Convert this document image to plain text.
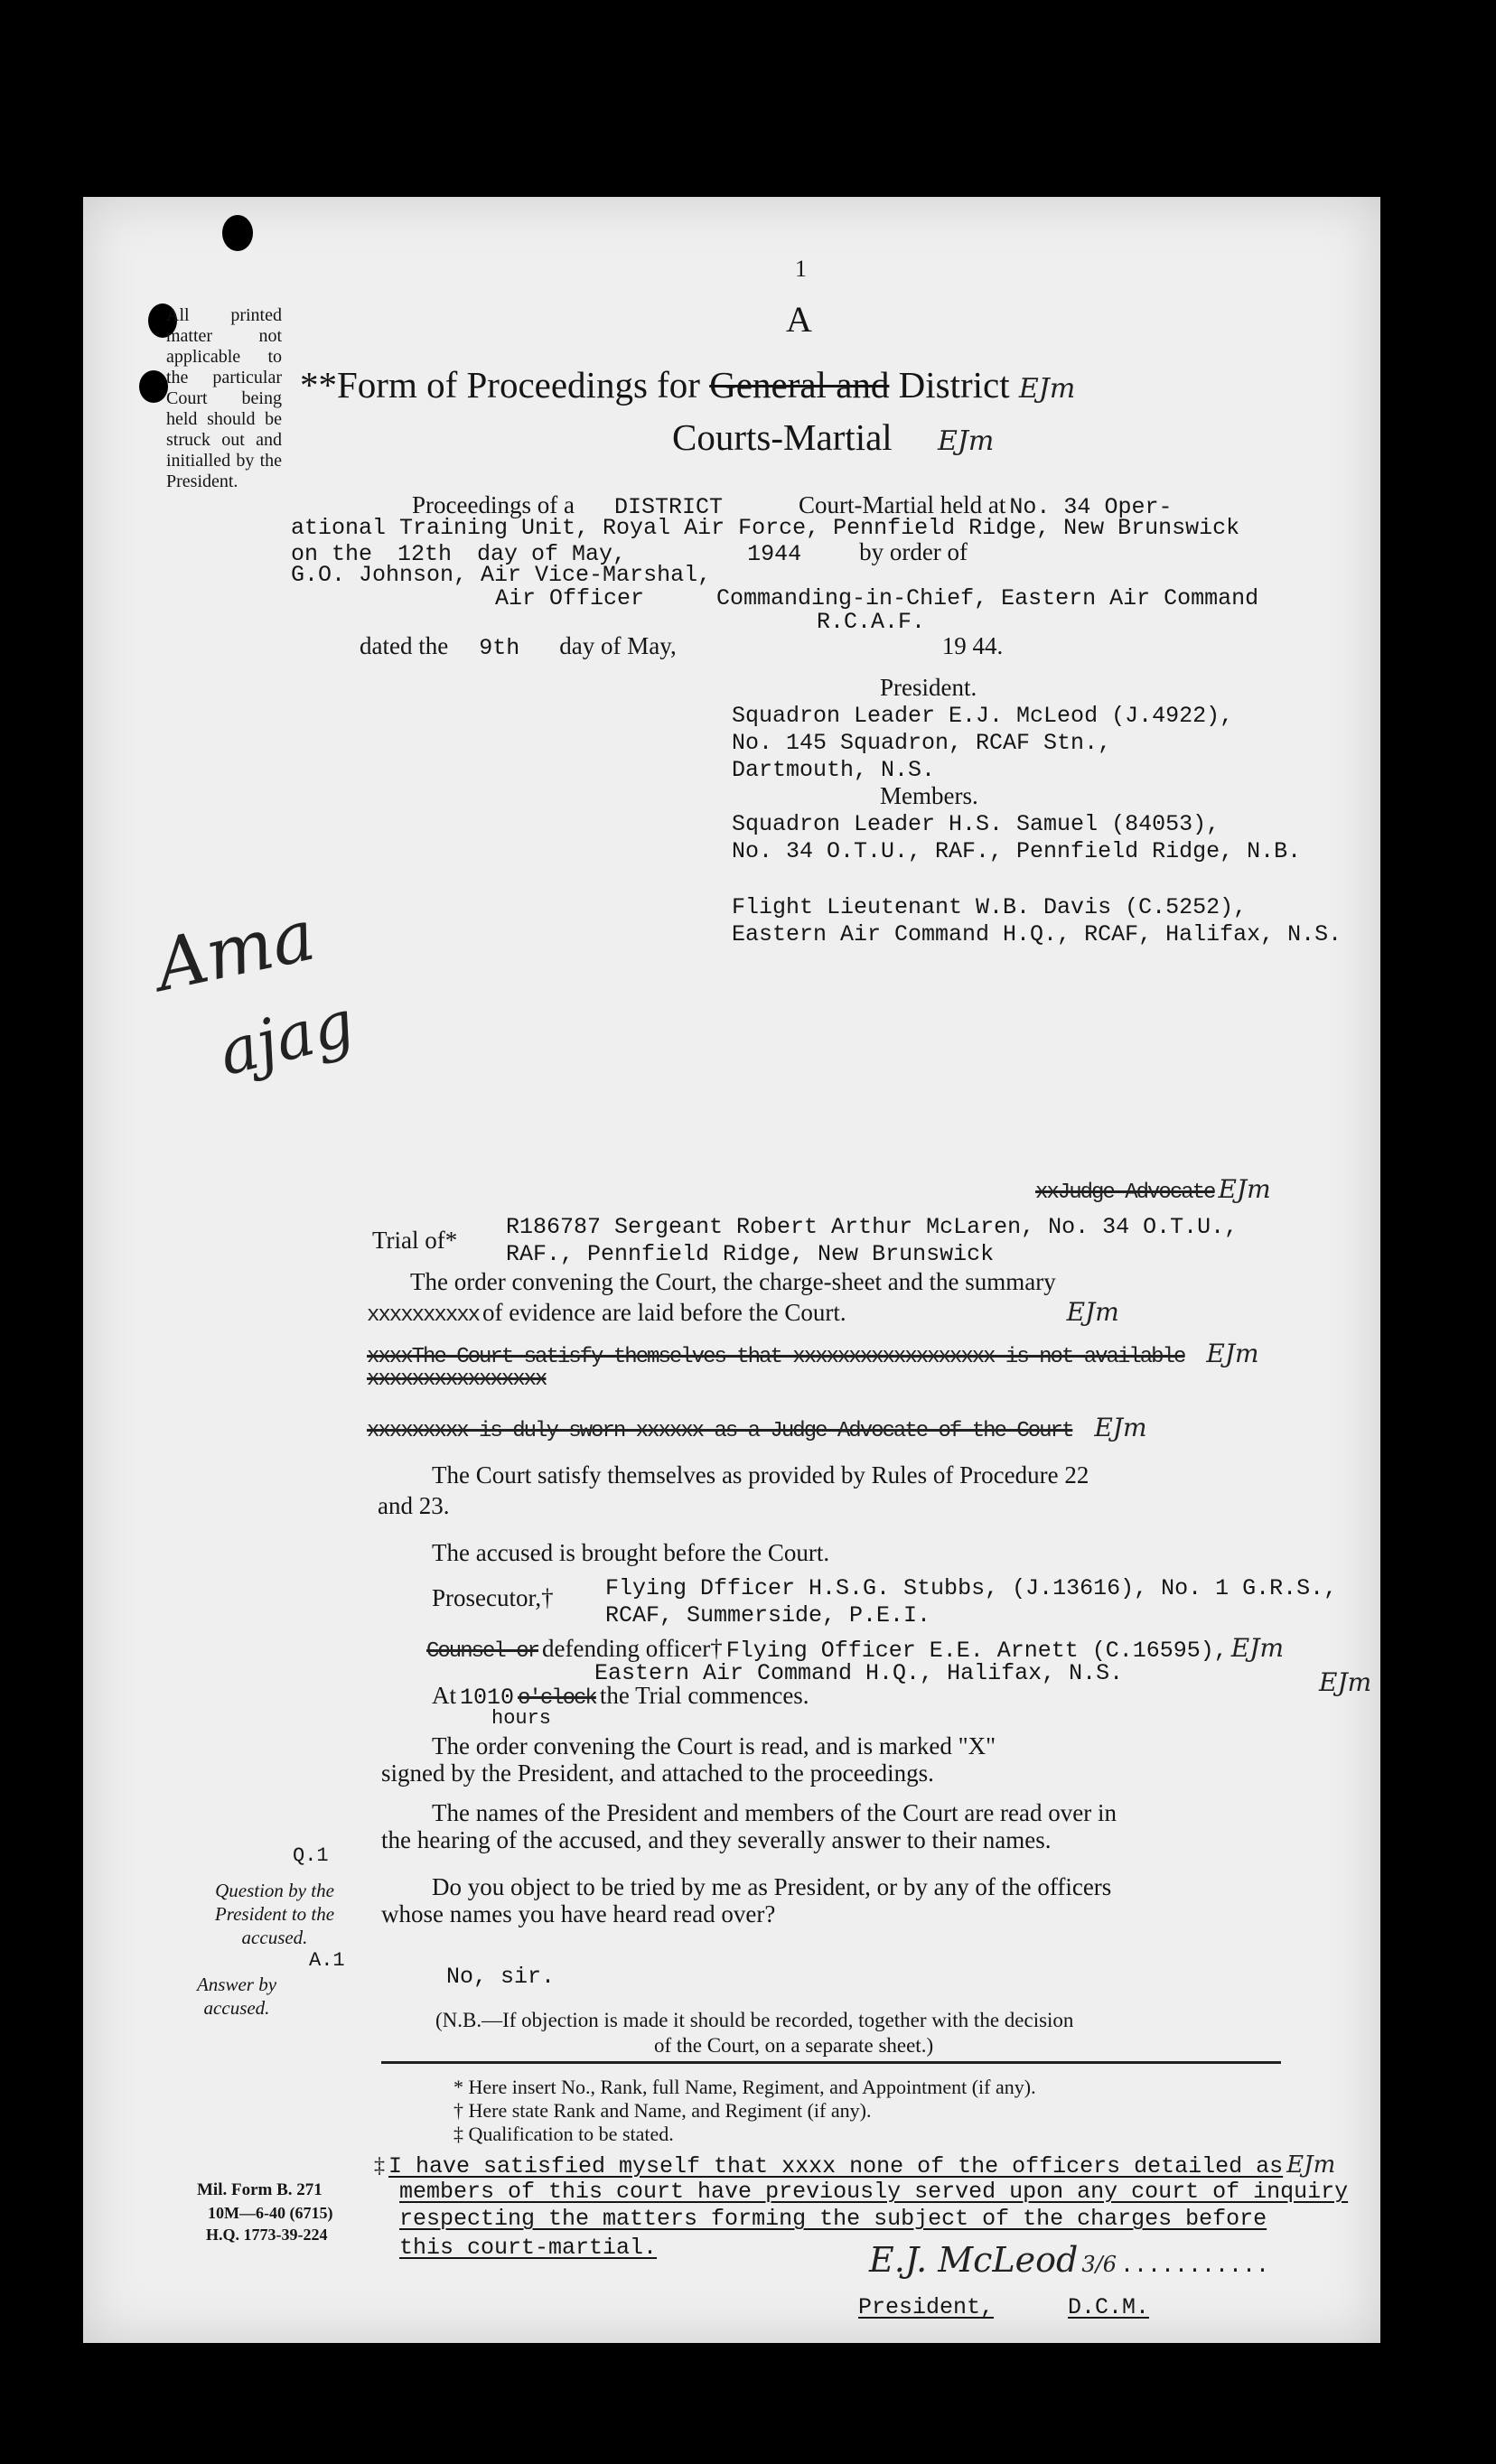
1
A
All printed matter not applicable to the particular Court being held should be struck out and initialled by the President.
**Form of Proceedings for General and District EJm
Courts-Martial EJm
Proceedings of a DISTRICT	Court-Martial held at No. 34 Oper-
ational Training Unit, Royal Air Force, Pennfield Ridge, New Brunswick
on the 12th day of May,	1944 by order of
G.O. Johnson, Air Vice-Marshal,
Air Officer	Commanding-in-Chief, Eastern Air Command
R.C.A.F.
dated the 9th day of May,	19 44.
President.
Squadron Leader E.J. McLeod (J.4922),
No. 145 Squadron, RCAF Stn.,
Dartmouth, N.S.
Members.
Squadron Leader H.S. Samuel (84053),
No. 34 O.T.U., RAF., Pennfield Ridge, N.B.
Flight Lieutenant W.B. Davis (C.5252),
Eastern Air Command H.Q., RCAF, Halifax, N.S.
Ama
ajag
xxJudge Advocate EJm
Trial of* R186787 Sergeant Robert Arthur McLaren, No. 34 O.T.U.,
RAF., Pennfield Ridge, New Brunswick
The order convening the Court, the charge-sheet and the summary
xxxxxxxxxx of evidence are laid before the Court.	EJm
xxxxThe Court satisfy themselves that xxxxxxxxxxxxxxxxxx is not available EJm
xxxxxxxxxxxxxxxx
xxxxxxxxx is duly sworn xxxxxx as a Judge Advocate of the Court EJm
The Court satisfy themselves as provided by Rules of Procedure 22
and 23.
The accused is brought before the Court.
Prosecutor,† Flying Dfficer H.S.G. Stubbs, (J.13616), No. 1 G.R.S.,
RCAF, Summerside, P.E.I.
Counsel or defending officer† Flying Officer E.E. Arnett (C.16595), EJm
Eastern Air Command H.Q., Halifax, N.S.	EJm
At 1010 o'clock the Trial commences.
hours
The order convening the Court is read, and is marked "X"
signed by the President, and attached to the proceedings.
The names of the President and members of the Court are read over in
the hearing of the accused, and they severally answer to their names.
Q.1
Question by the President to the accused.
Do you object to be tried by me as President, or by any of the officers
whose names you have heard read over?
A.1
Answer by accused.
No, sir.
(N.B.—If objection is made it should be recorded, together with the decision
of the Court, on a separate sheet.)
* Here insert No., Rank, full Name, Regiment, and Appointment (if any).
† Here state Rank and Name, and Regiment (if any).
‡ Qualification to be stated.
‡ I have satisfied myself that xxxx none of the officers detailed as EJm
members of this court have previously served upon any court of inquiry
respecting the matters forming the subject of the charges before
this court-martial.
Mil. Form B. 271
10M—6-40 (6715)
H.Q. 1773-39-224
E.J. McLeod 3/6 ...........
President,	D.C.M.
